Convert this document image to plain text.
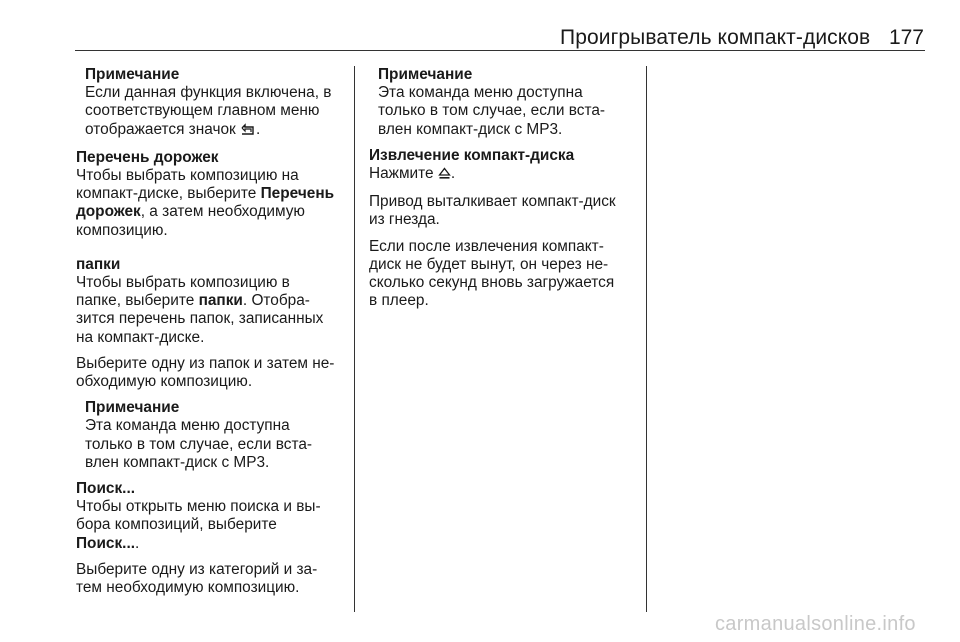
Проигрыватель компакт-дисков 177

Примечание

Если данная функция включена, в

соответствующем главном меню

отображается значок .

Перечень дорожек

Чтобы выбрать композицию на

компакт-диске, выберите Перечень

дорожек, а затем необходимую

композицию.

папки

Чтобы выбрать композицию в

папке, выберите папки. Отобра-

зится перечень папок, записанных

на компакт-диске.

Выберите одну из папок и затем не-

обходимую композицию.

Примечание

Эта команда меню доступна

только в том случае, если вста-

влен компакт-диск с МР3.

Поиск...

Чтобы открыть меню поиска и вы-

бора композиций, выберите

Поиск....

Выберите одну из категорий и за-

тем необходимую композицию.

Примечание

Эта команда меню доступна

только в том случае, если вста-

влен компакт-диск с МР3.

Извлечение компакт-диска

Нажмите .

Привод выталкивает компакт-диск

из гнезда.

Если после извлечения компакт-

диск не будет вынут, он через не-

сколько секунд вновь загружается

в плеер.

carmanualsonline.info
